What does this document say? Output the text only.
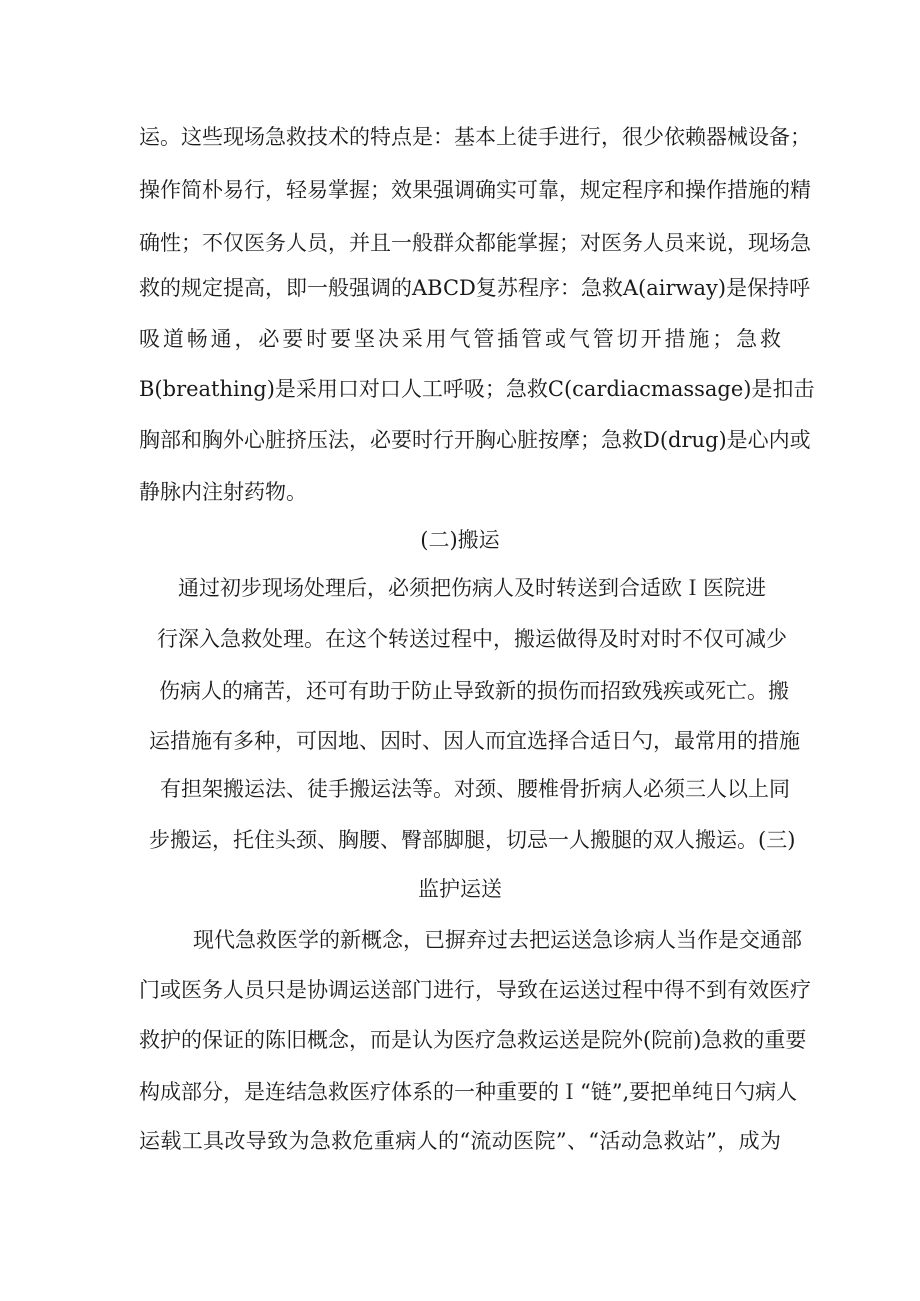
运。这些现场急救技术的特点是：基本上徒手进行，很少依赖器械设备；
操作简朴易行，轻易掌握；效果强调确实可靠，规定程序和操作措施的精
确性；不仅医务人员，并且一般群众都能掌握；对医务人员来说，现场急
救的规定提高，即一般强调的ABCD复苏程序：急救A(airway)是保持呼
吸道畅通，必要时要坚决采用气管插管或气管切开措施；急救
B(breathing)是采用口对口人工呼吸；急救C(cardiacmassage)是扣击
胸部和胸外心脏挤压法，必要时行开胸心脏按摩；急救D(drug)是心内或
静脉内注射药物。
(二)搬运
通过初步现场处理后，必须把伤病人及时转送到合适欧Ｉ医院进
行深入急救处理。在这个转送过程中，搬运做得及时对时不仅可减少
伤病人的痛苦，还可有助于防止导致新的损伤而招致残疾或死亡。搬
运措施有多种，可因地、因时、因人而宜选择合适日勺，最常用的措施
有担架搬运法、徒手搬运法等。对颈、腰椎骨折病人必须三人以上同
步搬运，托住头颈、胸腰、臀部脚腿，切忌一人搬腿的双人搬运。(三)
监护运送
现代急救医学的新概念，已摒弃过去把运送急诊病人当作是交通部
门或医务人员只是协调运送部门进行，导致在运送过程中得不到有效医疗
救护的保证的陈旧概念，而是认为医疗急救运送是院外(院前)急救的重要
构成部分，是连结急救医疗体系的一种重要的Ｉ“链”,要把单纯日勺病人
运载工具改导致为急救危重病人的“流动医院”、“活动急救站”，成为
